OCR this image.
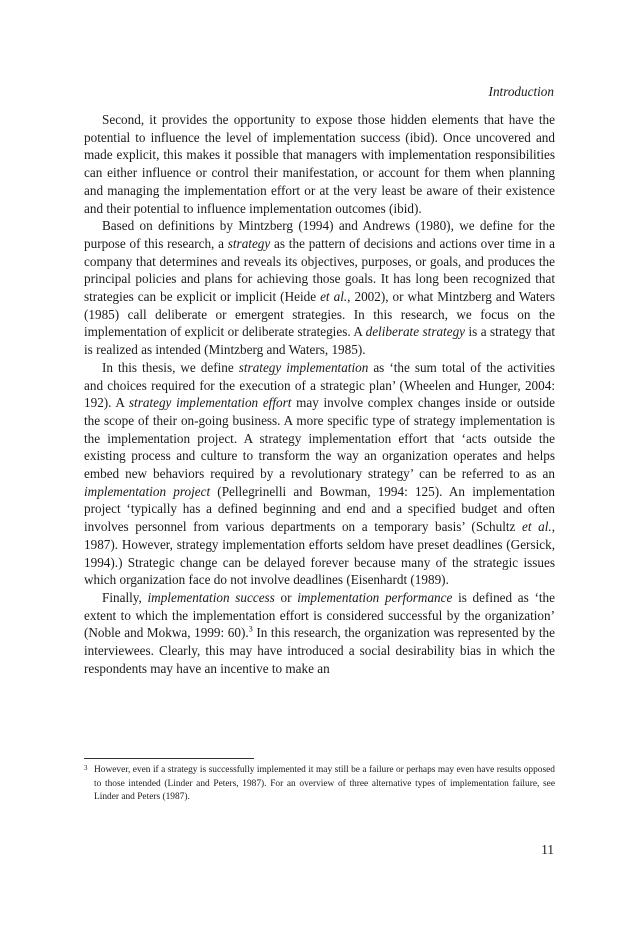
Introduction

Second, it provides the opportunity to expose those hidden elements that have the potential to influence the level of implementation success (ibid). Once uncovered and made explicit, this makes it possible that managers with implementation responsibilities can either influence or control their manifestation, or account for them when planning and managing the implementation effort or at the very least be aware of their existence and their potential to influence implementation outcomes (ibid).

Based on definitions by Mintzberg (1994) and Andrews (1980), we define for the purpose of this research, a strategy as the pattern of decisions and actions over time in a company that determines and reveals its objectives, purposes, or goals, and produces the principal policies and plans for achieving those goals. It has long been recognized that strategies can be explicit or implicit (Heide et al., 2002), or what Mintzberg and Waters (1985) call deliberate or emergent strategies. In this research, we focus on the implementation of explicit or deliberate strategies. A deliberate strategy is a strategy that is realized as intended (Mintzberg and Waters, 1985).

In this thesis, we define strategy implementation as ‘the sum total of the activities and choices required for the execution of a strategic plan’ (Wheelen and Hunger, 2004: 192). A strategy implementation effort may involve complex changes inside or outside the scope of their on-going business. A more specific type of strategy implementation is the implementation project. A strategy implementation effort that ‘acts outside the existing process and culture to transform the way an organization operates and helps embed new behaviors required by a revolutionary strategy’ can be referred to as an implementation project (Pellegrinelli and Bowman, 1994: 125). An implementation project ‘typically has a defined beginning and end and a specified budget and often involves personnel from various departments on a temporary basis’ (Schultz et al., 1987). However, strategy implementation efforts seldom have preset deadlines (Gersick, 1994).) Strategic change can be delayed forever because many of the strategic issues which organization face do not involve deadlines (Eisenhardt (1989).

Finally, implementation success or implementation performance is defined as ‘the extent to which the implementation effort is considered successful by the organization’ (Noble and Mokwa, 1999: 60).$^3$ In this research, the organization was represented by the interviewees. Clearly, this may have introduced a social desirability bias in which the respondents may have an incentive to make an

3 However, even if a strategy is successfully implemented it may still be a failure or perhaps may even have results opposed to those intended (Linder and Peters, 1987). For an overview of three alternative types of implementation failure, see Linder and Peters (1987).
11
